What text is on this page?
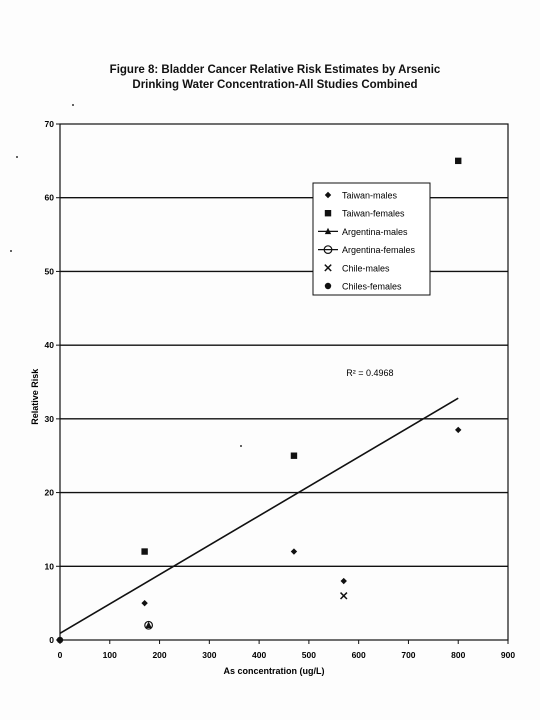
Figure 8: Bladder Cancer Relative Risk Estimates by Arsenic
Drinking Water Concentration-All Studies Combined
0
10
20
30
40
50
60
70
0	100	200	300	400	500	600	700	800	900
As concentration (ug/L)
Relative Risk	R² = 0.4968
Taiwan-males
Taiwan-females
Argentina-males
Argentina-females
Chile-males
Chiles-females
